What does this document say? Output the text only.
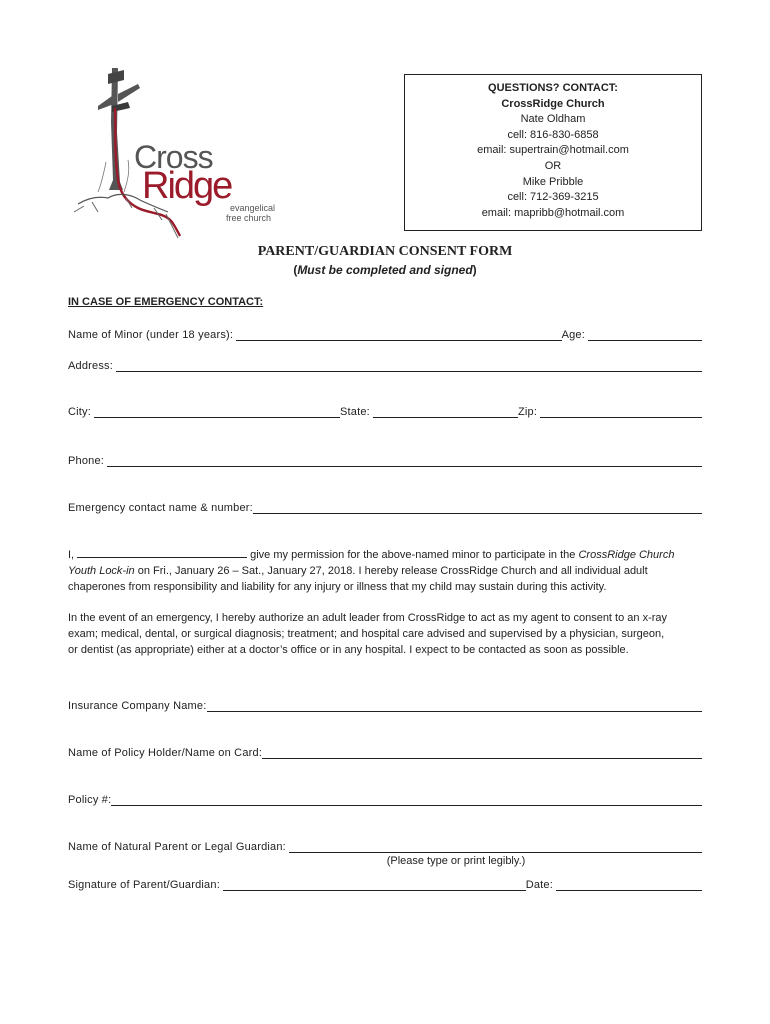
Cross
Ridge
evangelical
free church
QUESTIONS? CONTACT:
CrossRidge Church
Nate Oldham
cell: 816-830-6858
email: supertrain@hotmail.com
OR
Mike Pribble
cell: 712-369-3215
email: mapribb@hotmail.com
PARENT/GUARDIAN CONSENT FORM
(Must be completed and signed)
IN CASE OF EMERGENCY CONTACT:
Name of Minor (under 18 years):	Age:
Address:
City:	State:	Zip:
Phone:
Emergency contact name & number:
I,	give my permission for the above-named minor to participate in the CrossRidge Church
Youth Lock-in on Fri., January 26 – Sat., January 27, 2018. I hereby release CrossRidge Church and all individual adult
chaperones from responsibility and liability for any injury or illness that my child may sustain during this activity.
In the event of an emergency, I hereby authorize an adult leader from CrossRidge to act as my agent to consent to an x-ray
exam; medical, dental, or surgical diagnosis; treatment; and hospital care advised and supervised by a physician, surgeon,
or dentist (as appropriate) either at a doctor’s office or in any hospital. I expect to be contacted as soon as possible.
Insurance Company Name:
Name of Policy Holder/Name on Card:
Policy #:
Name of Natural Parent or Legal Guardian:
(Please type or print legibly.)
Signature of Parent/Guardian:	Date:
